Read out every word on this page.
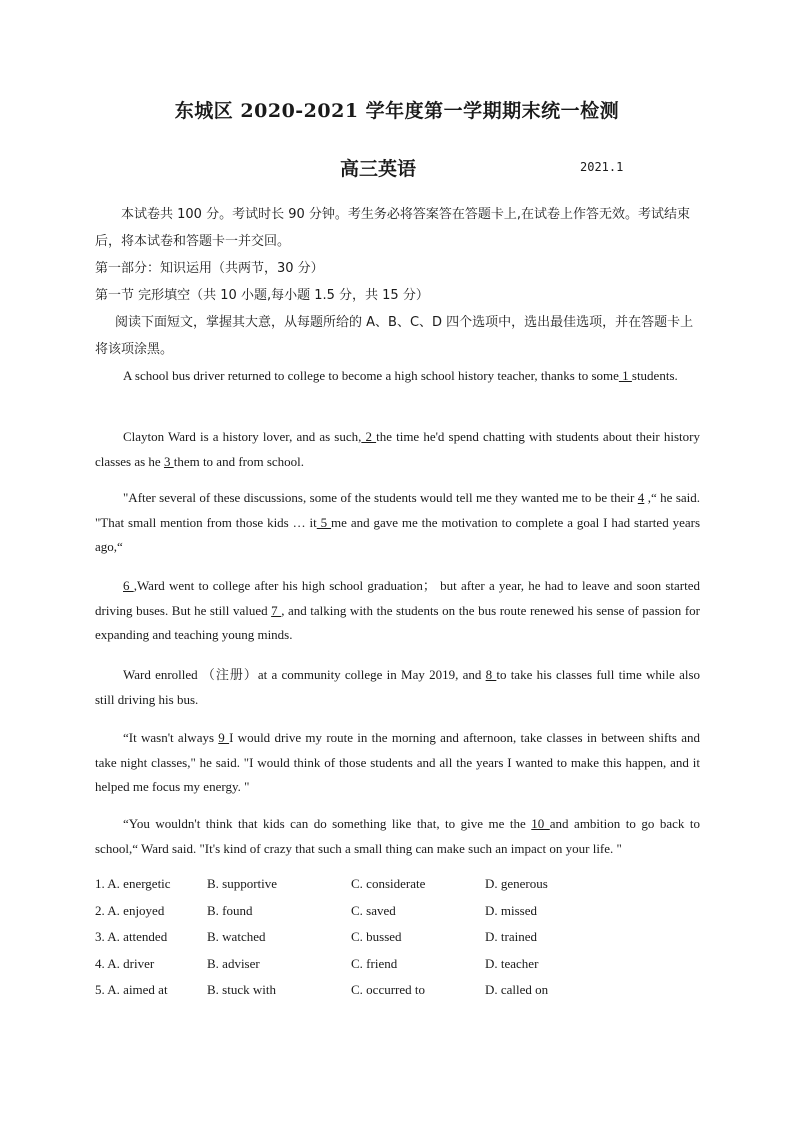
东城区 2020-2021 学年度第一学期期末统一检测
高三英语	2021.1

本试卷共 100 分。考试时长 90 分钟。考生务必将答案答在答题卡上,在试卷上作答无效。考试结束后，将本试卷和答题卡一并交回。

第一部分：知识运用（共两节，30 分）

第一节 完形填空（共 10 小题,每小题 1.5 分，共 15 分）

阅读下面短文，掌握其大意，从每题所给的 A、B、C、D 四个选项中，选出最佳选项，并在答题卡上将该项涂黑。

A school bus driver returned to college to become a high school history teacher, thanks to some 1 students.

Clayton Ward is a history lover, and as such, 2 the time he'd spend chatting with students about their history classes as he 3 them to and from school.

"After several of these discussions, some of the students would tell me they wanted me to be their 4 ,“ he said. "That small mention from those kids … it 5 me and gave me the motivation to complete a goal I had started years ago,“

6 ,Ward went to college after his high school graduation； but after a year, he had to leave and soon started driving buses. But he still valued 7 , and talking with the students on the bus route renewed his sense of passion for expanding and teaching young minds.

Ward enrolled （注册）at a community college in May 2019, and 8 to take his classes full time while also still driving his bus.

“It wasn't always 9 I would drive my route in the morning and afternoon, take classes in between shifts and take night classes," he said. "I would think of those students and all the years I wanted to make this happen, and it helped me focus my energy. "

“You wouldn't think that kids can do something like that, to give me the 10 and ambition to go back to school,“ Ward said. "It's kind of crazy that such a small thing can make such an impact on your life. "

1. A. energetic	B. supportive	C. considerate	D. generous
2. A. enjoyed	B. found	C. saved	D. missed
3. A. attended	B. watched	C. bussed	D. trained
4. A. driver	B. adviser	C. friend	D. teacher
5. A. aimed at	B. stuck with	C. occurred to	D. called on
